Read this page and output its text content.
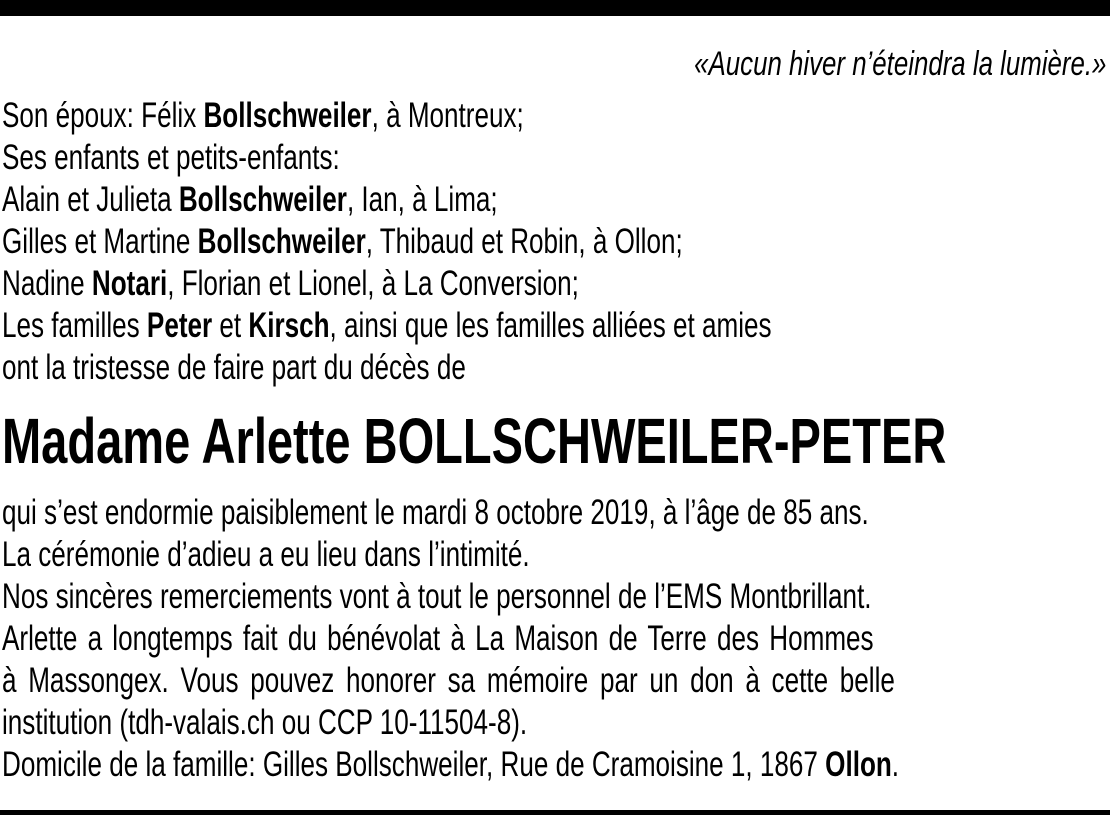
«Aucun hiver n’éteindra la lumière.»
Son époux: Félix Bollschweiler, à Montreux;
Ses enfants et petits-enfants:
Alain et Julieta Bollschweiler, Ian, à Lima;
Gilles et Martine Bollschweiler, Thibaud et Robin, à Ollon;
Nadine Notari, Florian et Lionel, à La Conversion;
Les familles Peter et Kirsch, ainsi que les familles alliées et amies
ont la tristesse de faire part du décès de
Madame Arlette BOLLSCHWEILER-PETER
qui s’est endormie paisiblement le mardi 8 octobre 2019, à l’âge de 85 ans.
La cérémonie d’adieu a eu lieu dans l’intimité.
Nos sincères remerciements vont à tout le personnel de l’EMS Montbrillant.
Arlette a longtemps fait du bénévolat à La Maison de Terre des Hommes
à Massongex. Vous pouvez honorer sa mémoire par un don à cette belle
institution (tdh-valais.ch ou CCP 10-11504-8).
Domicile de la famille: Gilles Bollschweiler, Rue de Cramoisine 1, 1867 Ollon.
